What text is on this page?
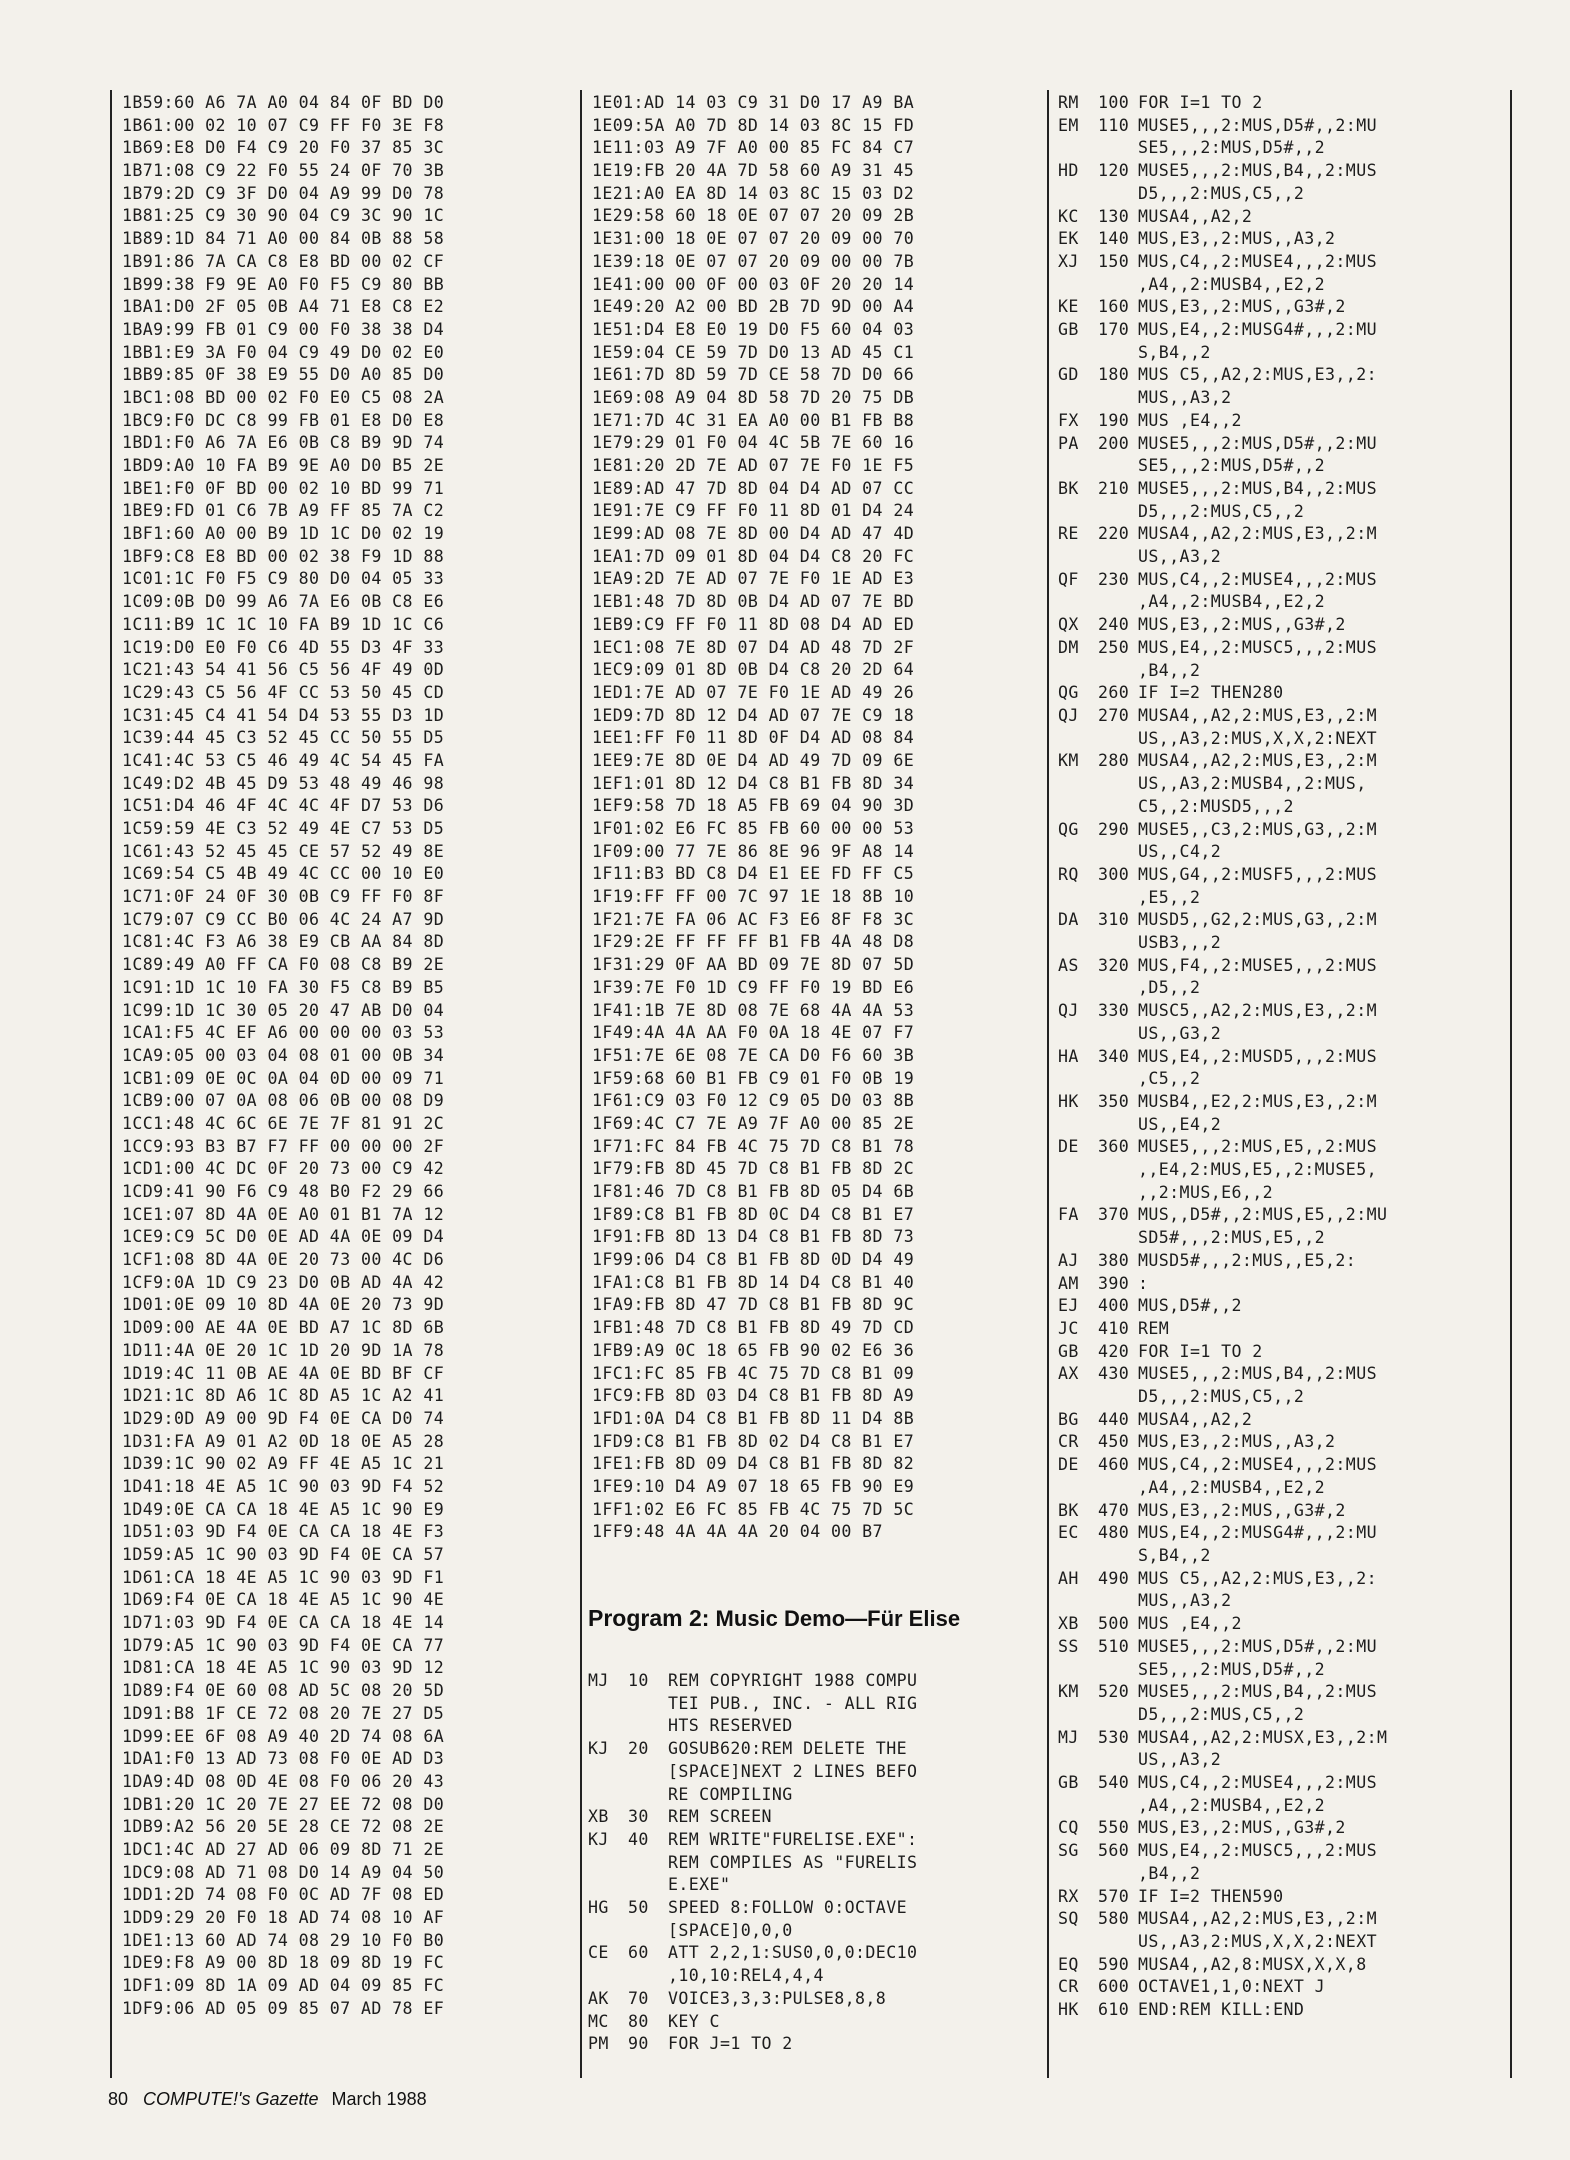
1B59:60 A6 7A A0 04 84 0F BD D0
1B61:00 02 10 07 C9 FF F0 3E F8
1B69:E8 D0 F4 C9 20 F0 37 85 3C
1B71:08 C9 22 F0 55 24 0F 70 3B
1B79:2D C9 3F D0 04 A9 99 D0 78
1B81:25 C9 30 90 04 C9 3C 90 1C
1B89:1D 84 71 A0 00 84 0B 88 58
1B91:86 7A CA C8 E8 BD 00 02 CF
1B99:38 F9 9E A0 F0 F5 C9 80 BB
1BA1:D0 2F 05 0B A4 71 E8 C8 E2
1BA9:99 FB 01 C9 00 F0 38 38 D4
1BB1:E9 3A F0 04 C9 49 D0 02 E0
1BB9:85 0F 38 E9 55 D0 A0 85 D0
1BC1:08 BD 00 02 F0 E0 C5 08 2A
1BC9:F0 DC C8 99 FB 01 E8 D0 E8
1BD1:F0 A6 7A E6 0B C8 B9 9D 74
1BD9:A0 10 FA B9 9E A0 D0 B5 2E
1BE1:F0 0F BD 00 02 10 BD 99 71
1BE9:FD 01 C6 7B A9 FF 85 7A C2
1BF1:60 A0 00 B9 1D 1C D0 02 19
1BF9:C8 E8 BD 00 02 38 F9 1D 88
1C01:1C F0 F5 C9 80 D0 04 05 33
1C09:0B D0 99 A6 7A E6 0B C8 E6
1C11:B9 1C 1C 10 FA B9 1D 1C C6
1C19:D0 E0 F0 C6 4D 55 D3 4F 33
1C21:43 54 41 56 C5 56 4F 49 0D
1C29:43 C5 56 4F CC 53 50 45 CD
1C31:45 C4 41 54 D4 53 55 D3 1D
1C39:44 45 C3 52 45 CC 50 55 D5
1C41:4C 53 C5 46 49 4C 54 45 FA
1C49:D2 4B 45 D9 53 48 49 46 98
1C51:D4 46 4F 4C 4C 4F D7 53 D6
1C59:59 4E C3 52 49 4E C7 53 D5
1C61:43 52 45 45 CE 57 52 49 8E
1C69:54 C5 4B 49 4C CC 00 10 E0
1C71:0F 24 0F 30 0B C9 FF F0 8F
1C79:07 C9 CC B0 06 4C 24 A7 9D
1C81:4C F3 A6 38 E9 CB AA 84 8D
1C89:49 A0 FF CA F0 08 C8 B9 2E
1C91:1D 1C 10 FA 30 F5 C8 B9 B5
1C99:1D 1C 30 05 20 47 AB D0 04
1CA1:F5 4C EF A6 00 00 00 03 53
1CA9:05 00 03 04 08 01 00 0B 34
1CB1:09 0E 0C 0A 04 0D 00 09 71
1CB9:00 07 0A 08 06 0B 00 08 D9
1CC1:48 4C 6C 6E 7E 7F 81 91 2C
1CC9:93 B3 B7 F7 FF 00 00 00 2F
1CD1:00 4C DC 0F 20 73 00 C9 42
1CD9:41 90 F6 C9 48 B0 F2 29 66
1CE1:07 8D 4A 0E A0 01 B1 7A 12
1CE9:C9 5C D0 0E AD 4A 0E 09 D4
1CF1:08 8D 4A 0E 20 73 00 4C D6
1CF9:0A 1D C9 23 D0 0B AD 4A 42
1D01:0E 09 10 8D 4A 0E 20 73 9D
1D09:00 AE 4A 0E BD A7 1C 8D 6B
1D11:4A 0E 20 1C 1D 20 9D 1A 78
1D19:4C 11 0B AE 4A 0E BD BF CF
1D21:1C 8D A6 1C 8D A5 1C A2 41
1D29:0D A9 00 9D F4 0E CA D0 74
1D31:FA A9 01 A2 0D 18 0E A5 28
1D39:1C 90 02 A9 FF 4E A5 1C 21
1D41:18 4E A5 1C 90 03 9D F4 52
1D49:0E CA CA 18 4E A5 1C 90 E9
1D51:03 9D F4 0E CA CA 18 4E F3
1D59:A5 1C 90 03 9D F4 0E CA 57
1D61:CA 18 4E A5 1C 90 03 9D F1
1D69:F4 0E CA 18 4E A5 1C 90 4E
1D71:03 9D F4 0E CA CA 18 4E 14
1D79:A5 1C 90 03 9D F4 0E CA 77
1D81:CA 18 4E A5 1C 90 03 9D 12
1D89:F4 0E 60 08 AD 5C 08 20 5D
1D91:B8 1F CE 72 08 20 7E 27 D5
1D99:EE 6F 08 A9 40 2D 74 08 6A
1DA1:F0 13 AD 73 08 F0 0E AD D3
1DA9:4D 08 0D 4E 08 F0 06 20 43
1DB1:20 1C 20 7E 27 EE 72 08 D0
1DB9:A2 56 20 5E 28 CE 72 08 2E
1DC1:4C AD 27 AD 06 09 8D 71 2E
1DC9:08 AD 71 08 D0 14 A9 04 50
1DD1:2D 74 08 F0 0C AD 7F 08 ED
1DD9:29 20 F0 18 AD 74 08 10 AF
1DE1:13 60 AD 74 08 29 10 F0 B0
1DE9:F8 A9 00 8D 18 09 8D 19 FC
1DF1:09 8D 1A 09 AD 04 09 85 FC
1DF9:06 AD 05 09 85 07 AD 78 EF
1E01:AD 14 03 C9 31 D0 17 A9 BA
1E09:5A A0 7D 8D 14 03 8C 15 FD
1E11:03 A9 7F A0 00 85 FC 84 C7
1E19:FB 20 4A 7D 58 60 A9 31 45
1E21:A0 EA 8D 14 03 8C 15 03 D2
1E29:58 60 18 0E 07 07 20 09 2B
1E31:00 18 0E 07 07 20 09 00 70
1E39:18 0E 07 07 20 09 00 00 7B
1E41:00 00 0F 00 03 0F 20 20 14
1E49:20 A2 00 BD 2B 7D 9D 00 A4
1E51:D4 E8 E0 19 D0 F5 60 04 03
1E59:04 CE 59 7D D0 13 AD 45 C1
1E61:7D 8D 59 7D CE 58 7D D0 66
1E69:08 A9 04 8D 58 7D 20 75 DB
1E71:7D 4C 31 EA A0 00 B1 FB B8
1E79:29 01 F0 04 4C 5B 7E 60 16
1E81:20 2D 7E AD 07 7E F0 1E F5
1E89:AD 47 7D 8D 04 D4 AD 07 CC
1E91:7E C9 FF F0 11 8D 01 D4 24
1E99:AD 08 7E 8D 00 D4 AD 47 4D
1EA1:7D 09 01 8D 04 D4 C8 20 FC
1EA9:2D 7E AD 07 7E F0 1E AD E3
1EB1:48 7D 8D 0B D4 AD 07 7E BD
1EB9:C9 FF F0 11 8D 08 D4 AD ED
1EC1:08 7E 8D 07 D4 AD 48 7D 2F
1EC9:09 01 8D 0B D4 C8 20 2D 64
1ED1:7E AD 07 7E F0 1E AD 49 26
1ED9:7D 8D 12 D4 AD 07 7E C9 18
1EE1:FF F0 11 8D 0F D4 AD 08 84
1EE9:7E 8D 0E D4 AD 49 7D 09 6E
1EF1:01 8D 12 D4 C8 B1 FB 8D 34
1EF9:58 7D 18 A5 FB 69 04 90 3D
1F01:02 E6 FC 85 FB 60 00 00 53
1F09:00 77 7E 86 8E 96 9F A8 14
1F11:B3 BD C8 D4 E1 EE FD FF C5
1F19:FF FF 00 7C 97 1E 18 8B 10
1F21:7E FA 06 AC F3 E6 8F F8 3C
1F29:2E FF FF FF B1 FB 4A 48 D8
1F31:29 0F AA BD 09 7E 8D 07 5D
1F39:7E F0 1D C9 FF F0 19 BD E6
1F41:1B 7E 8D 08 7E 68 4A 4A 53
1F49:4A 4A AA F0 0A 18 4E 07 F7
1F51:7E 6E 08 7E CA D0 F6 60 3B
1F59:68 60 B1 FB C9 01 F0 0B 19
1F61:C9 03 F0 12 C9 05 D0 03 8B
1F69:4C C7 7E A9 7F A0 00 85 2E
1F71:FC 84 FB 4C 75 7D C8 B1 78
1F79:FB 8D 45 7D C8 B1 FB 8D 2C
1F81:46 7D C8 B1 FB 8D 05 D4 6B
1F89:C8 B1 FB 8D 0C D4 C8 B1 E7
1F91:FB 8D 13 D4 C8 B1 FB 8D 73
1F99:06 D4 C8 B1 FB 8D 0D D4 49
1FA1:C8 B1 FB 8D 14 D4 C8 B1 40
1FA9:FB 8D 47 7D C8 B1 FB 8D 9C
1FB1:48 7D C8 B1 FB 8D 49 7D CD
1FB9:A9 0C 18 65 FB 90 02 E6 36
1FC1:FC 85 FB 4C 75 7D C8 B1 09
1FC9:FB 8D 03 D4 C8 B1 FB 8D A9
1FD1:0A D4 C8 B1 FB 8D 11 D4 8B
1FD9:C8 B1 FB 8D 02 D4 C8 B1 E7
1FE1:FB 8D 09 D4 C8 B1 FB 8D 82
1FE9:10 D4 A9 07 18 65 FB 90 E9
1FF1:02 E6 FC 85 FB 4C 75 7D 5C
1FF9:48 4A 4A 4A 20 04 00 B7
Program 2: Music Demo—Für Elise
MJ	10	REM COPYRIGHT 1988 COMPU
TEI PUB., INC. - ALL RIG
HTS RESERVED
KJ	20	GOSUB620:REM DELETE THE
[SPACE]NEXT 2 LINES BEFO
RE COMPILING
XB	30	REM SCREEN
KJ	40	REM WRITE"FURELISE.EXE":
REM COMPILES AS "FURELIS
E.EXE"
HG	50	SPEED 8:FOLLOW 0:OCTAVE
[SPACE]0,0,0
CE	60	ATT 2,2,1:SUS0,0,0:DEC10
,10,10:REL4,4,4
AK	70	VOICE3,3,3:PULSE8,8,8
MC	80	KEY C
PM	90	FOR J=1 TO 2
RM	100 FOR I=1 TO 2
EM	110 MUSE5,,,2:MUS,D5#,,2:MU
SE5,,,2:MUS,D5#,,2
HD	120 MUSE5,,,2:MUS,B4,,2:MUS
D5,,,2:MUS,C5,,2
KC	130 MUSA4,,A2,2
EK	140 MUS,E3,,2:MUS,,A3,2
XJ	150 MUS,C4,,2:MUSE4,,,2:MUS
,A4,,2:MUSB4,,E2,2
KE	160 MUS,E3,,2:MUS,,G3#,2
GB	170 MUS,E4,,2:MUSG4#,,,2:MU
S,B4,,2
GD	180 MUS C5,,A2,2:MUS,E3,,2:
MUS,,A3,2
FX	190 MUS ,E4,,2
PA	200 MUSE5,,,2:MUS,D5#,,2:MU
SE5,,,2:MUS,D5#,,2
BK	210 MUSE5,,,2:MUS,B4,,2:MUS
D5,,,2:MUS,C5,,2
RE	220 MUSA4,,A2,2:MUS,E3,,2:M
US,,A3,2
QF	230 MUS,C4,,2:MUSE4,,,2:MUS
,A4,,2:MUSB4,,E2,2
QX	240 MUS,E3,,2:MUS,,G3#,2
DM	250 MUS,E4,,2:MUSC5,,,2:MUS
,B4,,2
QG	260 IF I=2 THEN280
QJ	270 MUSA4,,A2,2:MUS,E3,,2:M
US,,A3,2:MUS,X,X,2:NEXT
KM	280 MUSA4,,A2,2:MUS,E3,,2:M
US,,A3,2:MUSB4,,2:MUS,
C5,,2:MUSD5,,,2
QG	290 MUSE5,,C3,2:MUS,G3,,2:M
US,,C4,2
RQ	300 MUS,G4,,2:MUSF5,,,2:MUS
,E5,,2
DA	310 MUSD5,,G2,2:MUS,G3,,2:M
USB3,,,2
AS	320 MUS,F4,,2:MUSE5,,,2:MUS
,D5,,2
QJ	330 MUSC5,,A2,2:MUS,E3,,2:M
US,,G3,2
HA	340 MUS,E4,,2:MUSD5,,,2:MUS
,C5,,2
HK	350 MUSB4,,E2,2:MUS,E3,,2:M
US,,E4,2
DE	360 MUSE5,,,2:MUS,E5,,2:MUS
,,E4,2:MUS,E5,,2:MUSE5,
,,2:MUS,E6,,2
FA	370 MUS,,D5#,,2:MUS,E5,,2:MU
SD5#,,,2:MUS,E5,,2
AJ	380 MUSD5#,,,2:MUS,,E5,2:
AM	390 :
EJ	400 MUS,D5#,,2
JC	410 REM
GB	420 FOR I=1 TO 2
AX	430 MUSE5,,,2:MUS,B4,,2:MUS
D5,,,2:MUS,C5,,2
BG	440 MUSA4,,A2,2
CR	450 MUS,E3,,2:MUS,,A3,2
DE	460 MUS,C4,,2:MUSE4,,,2:MUS
,A4,,2:MUSB4,,E2,2
BK	470 MUS,E3,,2:MUS,,G3#,2
EC	480 MUS,E4,,2:MUSG4#,,,2:MU
S,B4,,2
AH	490 MUS C5,,A2,2:MUS,E3,,2:
MUS,,A3,2
XB	500 MUS ,E4,,2
SS	510 MUSE5,,,2:MUS,D5#,,2:MU
SE5,,,2:MUS,D5#,,2
KM	520 MUSE5,,,2:MUS,B4,,2:MUS
D5,,,2:MUS,C5,,2
MJ	530 MUSA4,,A2,2:MUSX,E3,,2:M
US,,A3,2
GB	540 MUS,C4,,2:MUSE4,,,2:MUS
,A4,,2:MUSB4,,E2,2
CQ	550 MUS,E3,,2:MUS,,G3#,2
SG	560 MUS,E4,,2:MUSC5,,,2:MUS
,B4,,2
RX	570 IF I=2 THEN590
SQ	580 MUSA4,,A2,2:MUS,E3,,2:M
US,,A3,2:MUS,X,X,2:NEXT
EQ	590 MUSA4,,A2,8:MUSX,X,X,8
CR	600 OCTAVE1,1,0:NEXT J
HK	610 END:REM KILL:END
80 COMPUTE!'s Gazette March 1988
